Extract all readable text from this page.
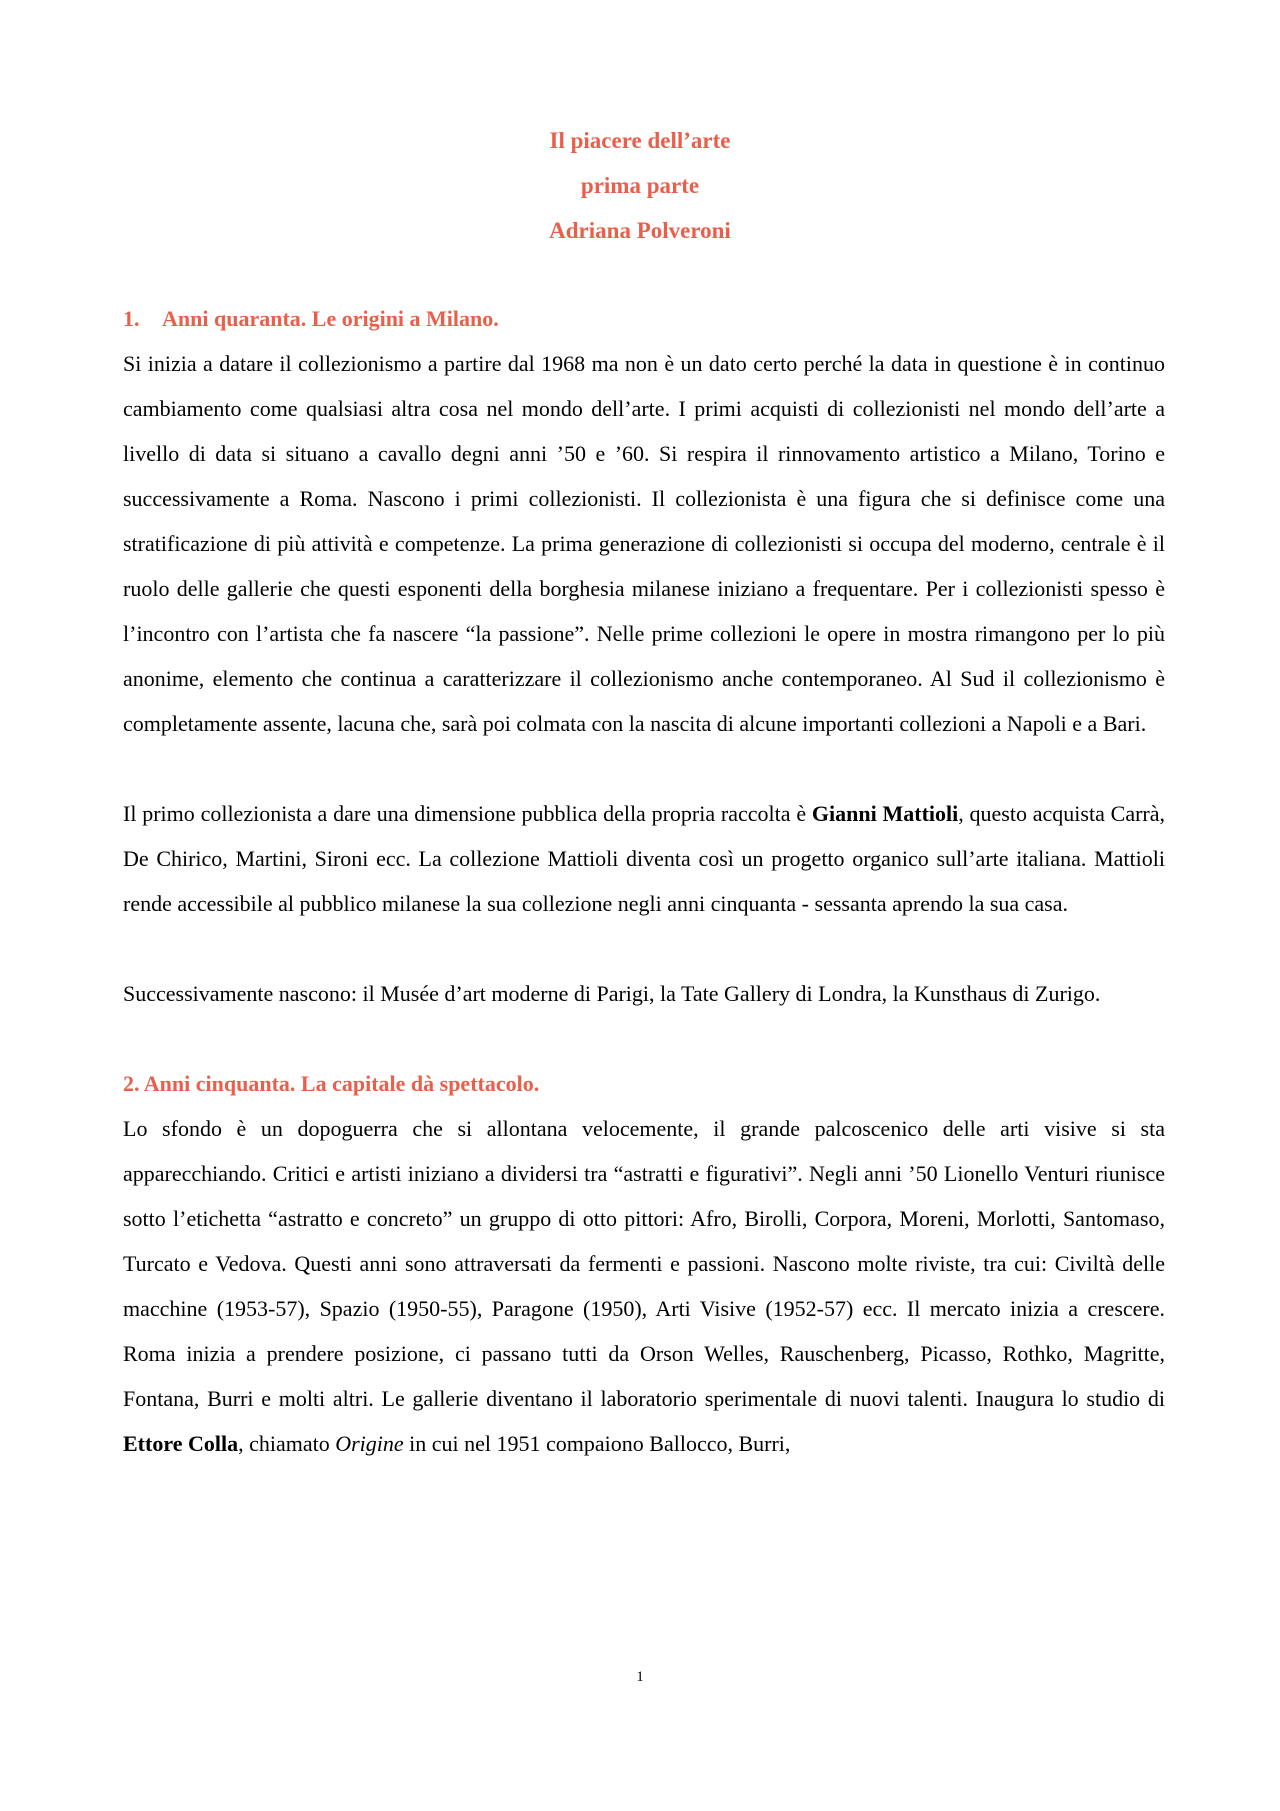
Il piacere dell’arte
prima parte
Adriana Polveroni
1. Anni quaranta. Le origini a Milano.

Si inizia a datare il collezionismo a partire dal 1968 ma non è un dato certo perché la data in questione è in continuo cambiamento come qualsiasi altra cosa nel mondo dell’arte. I primi acquisti di collezionisti nel mondo dell’arte a livello di data si situano a cavallo degni anni ’50 e ’60. Si respira il rinnovamento artistico a Milano, Torino e successivamente a Roma. Nascono i primi collezionisti. Il collezionista è una figura che si definisce come una stratificazione di più attività e competenze. La prima generazione di collezionisti si occupa del moderno, centrale è il ruolo delle gallerie che questi esponenti della borghesia milanese iniziano a frequentare. Per i collezionisti spesso è l’incontro con l’artista che fa nascere “la passione”. Nelle prime collezioni le opere in mostra rimangono per lo più anonime, elemento che continua a caratterizzare il collezionismo anche contemporaneo. Al Sud il collezionismo è completamente assente, lacuna che, sarà poi colmata con la nascita di alcune importanti collezioni a Napoli e a Bari.

Il primo collezionista a dare una dimensione pubblica della propria raccolta è Gianni Mattioli, questo acquista Carrà, De Chirico, Martini, Sironi ecc. La collezione Mattioli diventa così un progetto organico sull’arte italiana. Mattioli rende accessibile al pubblico milanese la sua collezione negli anni cinquanta - sessanta aprendo la sua casa.

Successivamente nascono: il Musée d’art moderne di Parigi, la Tate Gallery di Londra, la Kunsthaus di Zurigo.

2. Anni cinquanta. La capitale dà spettacolo.

Lo sfondo è un dopoguerra che si allontana velocemente, il grande palcoscenico delle arti visive si sta apparecchiando. Critici e artisti iniziano a dividersi tra “astratti e figurativi”. Negli anni ’50 Lionello Venturi riunisce sotto l’etichetta “astratto e concreto” un gruppo di otto pittori: Afro, Birolli, Corpora, Moreni, Morlotti, Santomaso, Turcato e Vedova. Questi anni sono attraversati da fermenti e passioni. Nascono molte riviste, tra cui: Civiltà delle macchine (1953-57), Spazio (1950-55), Paragone (1950), Arti Visive (1952-57) ecc. Il mercato inizia a crescere. Roma inizia a prendere posizione, ci passano tutti da Orson Welles, Rauschenberg, Picasso, Rothko, Magritte, Fontana, Burri e molti altri. Le gallerie diventano il laboratorio sperimentale di nuovi talenti. Inaugura lo studio di Ettore Colla, chiamato Origine in cui nel 1951 compaiono Ballocco, Burri,

1
